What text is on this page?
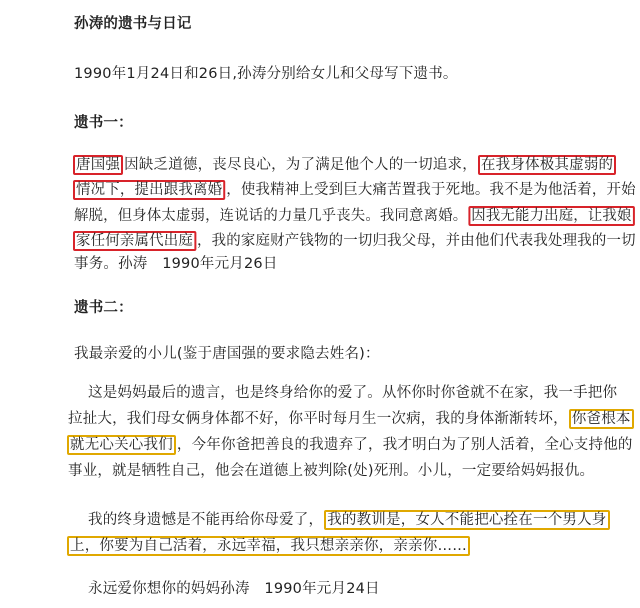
孙涛的遗书与日记
1990年1月24日和26日,孙涛分别给女儿和父母写下遗书。
遗书一：
唐国强 因缺乏道德，丧尽良心，为了满足他个人的一切追求， 在我身体极其虚弱的
情况下，提出跟我离婚 ，使我精神上受到巨大痛苦置我于死地。我不是为他活着，开始
解脱，但身体太虚弱，连说话的力量几乎丧失。我同意离婚。 因我无能力出庭，让我娘
家任何亲属代出庭 ，我的家庭财产钱物的一切归我父母，并由他们代表我处理我的一切
事务。孙涛　1990年元月26日
遗书二：
我最亲爱的小儿(鉴于唐国强的要求隐去姓名)：
这是妈妈最后的遗言，也是终身给你的爱了。从怀你时你爸就不在家，我一手把你
拉扯大，我们母女俩身体都不好，你平时每月生一次病，我的身体渐渐转坏， 你爸根本
就无心关心我们 ，今年你爸把善良的我遗弃了，我才明白为了别人活着，全心支持他的
事业，就是牺牲自己，他会在道德上被判除(处)死刑。小儿，一定要给妈妈报仇。
我的终身遗憾是不能再给你母爱了， 我的教训是，女人不能把心拴在一个男人身
上，你要为自己活着，永远幸福，我只想亲亲你，亲亲你……
永远爱你想你的妈妈孙涛　1990年元月24日
